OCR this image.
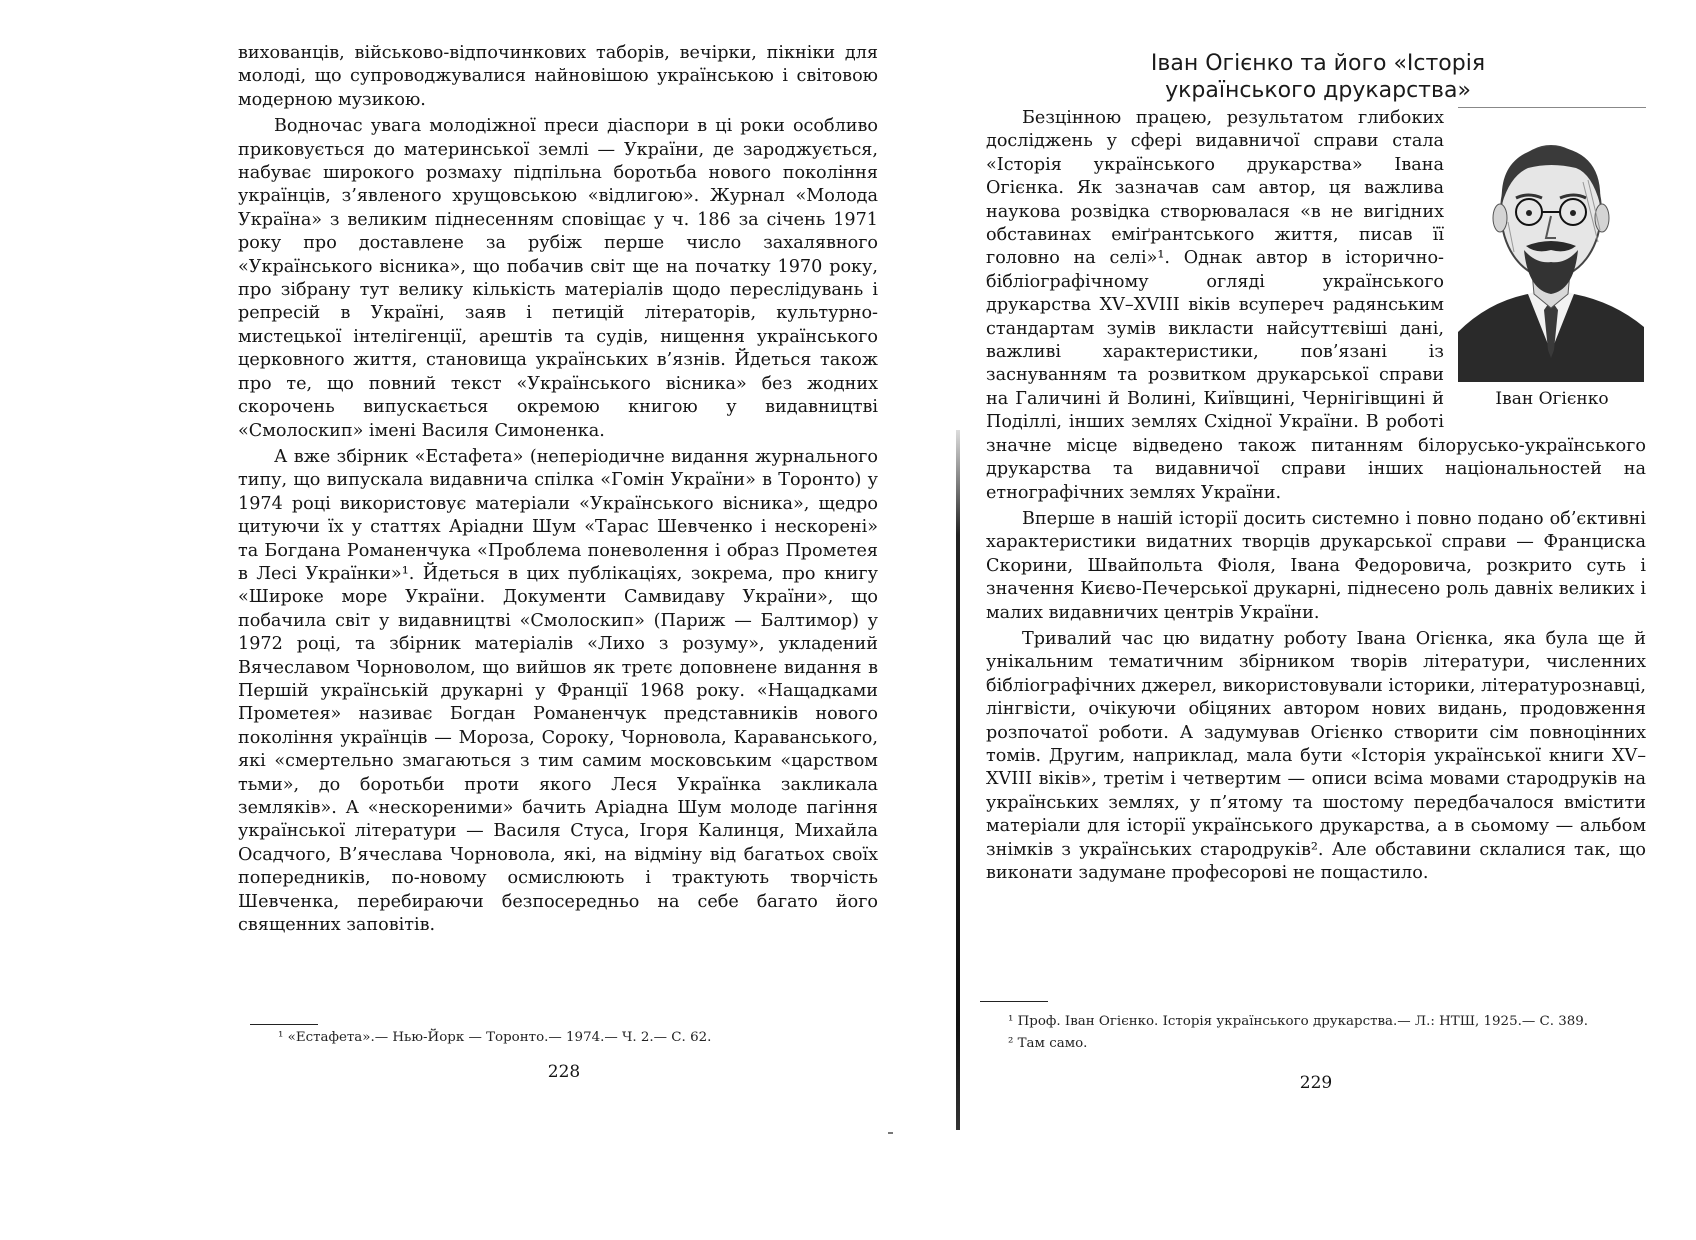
вихованців, військово-відпочинкових таборів, вечірки, пікніки для молоді, що супроводжувалися найновішою українською і світовою модерною музикою.

Водночас увага молодіжної преси діаспори в ці роки особливо приковується до материнської землі — України, де зароджується, набуває широкого розмаху підпільна боротьба нового покоління українців, з’явленого хрущовською «відлигою». Журнал «Молода Україна» з великим піднесенням сповіщає у ч. 186 за січень 1971 року про доставлене за рубіж перше число захалявного «Українського вісника», що побачив світ ще на початку 1970 року, про зібрану тут велику кількість матеріалів щодо переслідувань і репресій в Україні, заяв і петицій літераторів, культурно-мистецької інтелігенції, арештів та судів, нищення українського церковного життя, становища українських в’язнів. Йдеться також про те, що повний текст «Українського вісника» без жодних скорочень випускається окремою книгою у видавництві «Смолоскип» імені Василя Симоненка.

А вже збірник «Естафета» (неперіодичне видання журнального типу, що випускала видавнича спілка «Гомін України» в Торонто) у 1974 році використовує матеріали «Українського вісника», щедро цитуючи їх у статтях Аріадни Шум «Тарас Шевченко і нескорені» та Богдана Романенчука «Проблема поневолення і образ Прометея в Лесі Українки»¹. Йдеться в цих публікаціях, зокрема, про книгу «Широке море України. Документи Самвидаву України», що побачила світ у видавництві «Смолоскип» (Париж — Балтимор) у 1972 році, та збірник матеріалів «Лихо з розуму», укладений Вячеславом Чорноволом, що вийшов як третє доповнене видання в Першій українській друкарні у Франції 1968 року. «Нащадками Прометея» називає Богдан Романенчук представників нового покоління українців — Мороза, Сороку, Чорновола, Караванського, які «смертельно змагаються з тим самим московським «царством тьми», до боротьби проти якого Леся Українка закликала земляків». А «нескореними» бачить Аріадна Шум молоде пагіння української літератури — Василя Стуса, Ігоря Калинця, Михайла Осадчого, В’ячеслава Чорновола, які, на відміну від багатьох своїх попередників, по-новому осмислюють і трактують творчість Шевченка, перебираючи безпосередньо на себе багато його священних заповітів.

¹ «Естафета».— Нью-Йорк — Торонто.— 1974.— Ч. 2.— С. 62.
228
Іван Огієнко та його «Історія
українського друкарства»
Іван Огієнко

Безцінною працею, результатом глибоких досліджень у сфері видавничої справи стала «Історія українського друкарства» Івана Огієнка. Як зазначав сам автор, ця важлива наукова розвідка створювалася «в не вигідних обставинах еміґрантського життя, писав її головно на селі»¹. Однак автор в історично-бібліографічному огляді українського друкарства XV–XVIII віків всупереч радянським стандартам зумів викласти найсуттєвіші дані, важливі характеристики, пов’язані із заснуванням та розвитком друкарської справи на Галичині й Волині, Київщині, Чернігівщині й Поділлі, інших землях Східної України. В роботі значне місце відведено також питанням білорусько-українського друкарства та видавничої справи інших національностей на етнографічних землях України.

Вперше в нашій історії досить системно і повно подано об’єктивні характеристики видатних творців друкарської справи — Франциска Скорини, Швайпольта Фіоля, Івана Федоровича, розкрито суть і значення Києво-Печерської друкарні, піднесено роль давніх великих і малих видавничих центрів України.

Тривалий час цю видатну роботу Івана Огієнка, яка була ще й унікальним тематичним збірником творів літератури, численних бібліографічних джерел, використовували історики, літературознавці, лінгвісти, очікуючи обіцяних автором нових видань, продовження розпочатої роботи. А задумував Огієнко створити сім повноцінних томів. Другим, наприклад, мала бути «Історія української книги XV–XVIII віків», третім і четвертим — описи всіма мовами стародруків на українських землях, у п’ятому та шостому передбачалося вмістити матеріали для історії українського друкарства, а в сьомому — альбом знімків з українських стародруків². Але обставини склалися так, що виконати задумане професорові не пощастило.

¹ Проф. Іван Огієнко. Історія українського друкарства.— Л.: НТШ, 1925.— С. 389.
² Там само.
229
